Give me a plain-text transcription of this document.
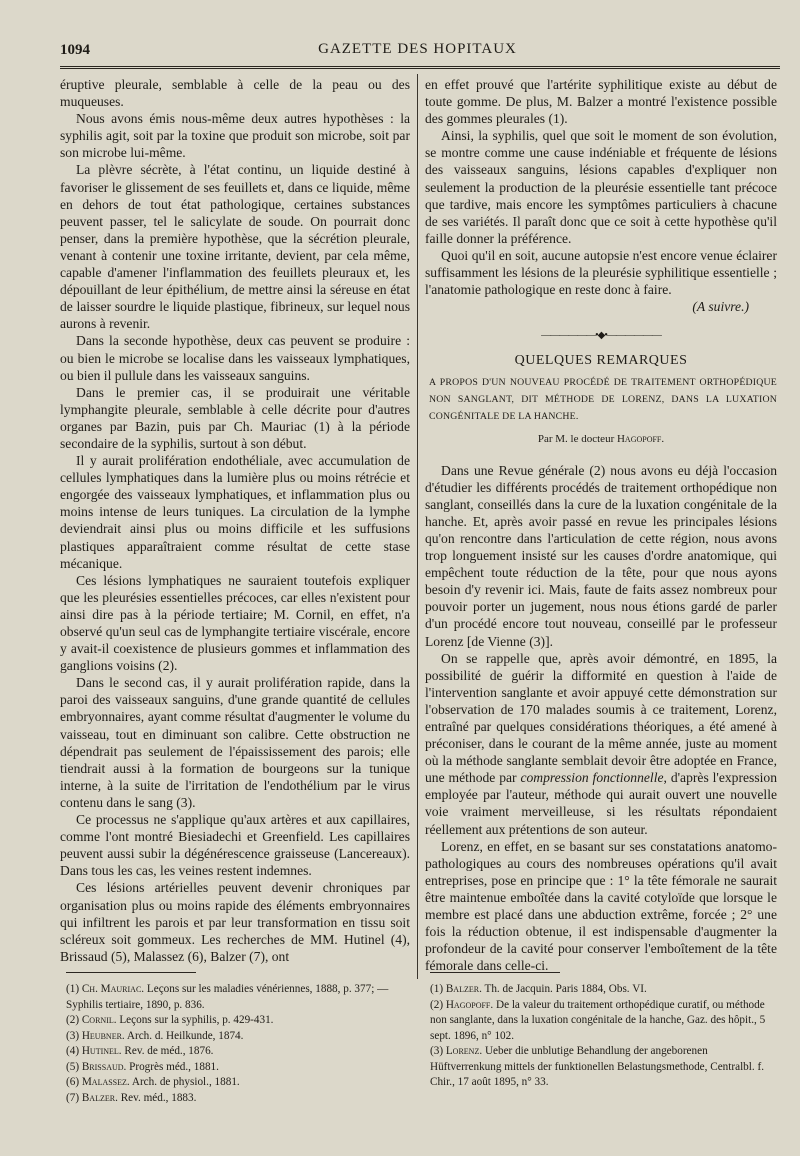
1094	GAZETTE DES HOPITAUX

éruptive pleurale, semblable à celle de la peau ou des muqueuses.

Nous avons émis nous-même deux autres hypothèses : la syphilis agit, soit par la toxine que produit son microbe, soit par son microbe lui-même.

La plèvre sécrète, à l'état continu, un liquide destiné à favoriser le glissement de ses feuillets et, dans ce liquide, même en dehors de tout état pathologique, certaines substances peuvent passer, tel le salicylate de soude. On pourrait donc penser, dans la première hypothèse, que la sécrétion pleurale, venant à contenir une toxine irritante, devient, par cela même, capable d'amener l'inflammation des feuillets pleuraux et, les dépouillant de leur épithélium, de mettre ainsi la séreuse en état de laisser sourdre le liquide plastique, fibrineux, sur lequel nous aurons à revenir.

Dans la seconde hypothèse, deux cas peuvent se produire : ou bien le microbe se localise dans les vaisseaux lymphatiques, ou bien il pullule dans les vaisseaux sanguins.

Dans le premier cas, il se produirait une véritable lymphangite pleurale, semblable à celle décrite pour d'autres organes par Bazin, puis par Ch. Mauriac (1) à la période secondaire de la syphilis, surtout à son début.

Il y aurait prolifération endothéliale, avec accumulation de cellules lymphatiques dans la lumière plus ou moins rétrécie et engorgée des vaisseaux lymphatiques, et inflammation plus ou moins intense de leurs tuniques. La circulation de la lymphe deviendrait ainsi plus ou moins difficile et les suffusions plastiques apparaîtraient comme résultat de cette stase mécanique.

Ces lésions lymphatiques ne sauraient toutefois expliquer que les pleurésies essentielles précoces, car elles n'existent pour ainsi dire pas à la période tertiaire; M. Cornil, en effet, n'a observé qu'un seul cas de lymphangite tertiaire viscérale, encore y avait-il coexistence de plusieurs gommes et inflammation des ganglions voisins (2).

Dans le second cas, il y aurait prolifération rapide, dans la paroi des vaisseaux sanguins, d'une grande quantité de cellules embryonnaires, ayant comme résultat d'augmenter le volume du vaisseau, tout en diminuant son calibre. Cette obstruction ne dépendrait pas seulement de l'épaississement des parois; elle tiendrait aussi à la formation de bourgeons sur la tunique interne, à la suite de l'irritation de l'endothélium par le virus contenu dans le sang (3).

Ce processus ne s'applique qu'aux artères et aux capillaires, comme l'ont montré Biesiadechi et Greenfield. Les capillaires peuvent aussi subir la dégénérescence graisseuse (Lancereaux). Dans tous les cas, les veines restent indemnes.

Ces lésions artérielles peuvent devenir chroniques par organisation plus ou moins rapide des éléments embryonnaires qui infiltrent les parois et par leur transformation en tissu soit scléreux soit gommeux. Les recherches de MM. Hutinel (4), Brissaud (5), Malassez (6), Balzer (7), ont

en effet prouvé que l'artérite syphilitique existe au début de toute gomme. De plus, M. Balzer a montré l'existence possible des gommes pleurales (1).

Ainsi, la syphilis, quel que soit le moment de son évolution, se montre comme une cause indéniable et fréquente de lésions des vaisseaux sanguins, lésions capables d'expliquer non seulement la production de la pleurésie essentielle tant précoce que tardive, mais encore les symptômes particuliers à chacune de ses variétés. Il paraît donc que ce soit à cette hypothèse qu'il faille donner la préférence.

Quoi qu'il en soit, aucune autopsie n'est encore venue éclairer suffisamment les lésions de la pleurésie syphilitique essentielle ; l'anatomie pathologique en reste donc à faire.

(A suivre.)

——————•◆•——————
QUELQUES REMARQUES
A PROPOS D'UN NOUVEAU PROCÉDÉ DE TRAITEMENT ORTHOPÉDIQUE NON SANGLANT, DIT MÉTHODE DE LORENZ, DANS LA LUXATION CONGÉNITALE DE LA HANCHE.
Par M. le docteur Hagopoff.

Dans une Revue générale (2) nous avons eu déjà l'occasion d'étudier les différents procédés de traitement orthopédique non sanglant, conseillés dans la cure de la luxation congénitale de la hanche. Et, après avoir passé en revue les principales lésions qu'on rencontre dans l'articulation de cette région, nous avons trop longuement insisté sur les causes d'ordre anatomique, qui empêchent toute réduction de la tête, pour que nous ayons besoin d'y revenir ici. Mais, faute de faits assez nombreux pour pouvoir porter un jugement, nous nous étions gardé de parler d'un procédé encore tout nouveau, conseillé par le professeur Lorenz [de Vienne (3)].

On se rappelle que, après avoir démontré, en 1895, la possibilité de guérir la difformité en question à l'aide de l'intervention sanglante et avoir appuyé cette démonstration sur l'observation de 170 malades soumis à ce traitement, Lorenz, entraîné par quelques considérations théoriques, a été amené à préconiser, dans le courant de la même année, juste au moment où la méthode sanglante semblait devoir être adoptée en France, une méthode par compression fonctionnelle, d'après l'expression employée par l'auteur, méthode qui aurait ouvert une nouvelle voie vraiment merveilleuse, si les résultats répondaient réellement aux prétentions de son auteur.

Lorenz, en effet, en se basant sur ses constatations anatomo-pathologiques au cours des nombreuses opérations qu'il avait entreprises, pose en principe que : 1° la tête fémorale ne saurait être maintenue emboîtée dans la cavité cotyloïde que lorsque le membre est placé dans une abduction extrême, forcée ; 2° une fois la réduction obtenue, il est indispensable d'augmenter la profondeur de la cavité pour conserver l'emboîtement de la tête fémorale dans celle-ci.

(1) Ch. Mauriac. Leçons sur les maladies vénériennes, 1888, p. 377; — Syphilis tertiaire, 1890, p. 836.
(2) Cornil. Leçons sur la syphilis, p. 429-431.
(3) Heubner. Arch. d. Heilkunde, 1874.
(4) Hutinel. Rev. de méd., 1876.
(5) Brissaud. Progrès méd., 1881.
(6) Malassez. Arch. de physiol., 1881.
(7) Balzer. Rev. méd., 1883.
(1) Balzer. Th. de Jacquin. Paris 1884, Obs. VI.
(2) Hagopoff. De la valeur du traitement orthopédique curatif, ou méthode non sanglante, dans la luxation congénitale de la hanche, Gaz. des hôpit., 5 sept. 1896, n° 102.
(3) Lorenz. Ueber die unblutige Behandlung der angeborenen Hüftverrenkung mittels der funktionellen Belastungsmethode, Centralbl. f. Chir., 17 août 1895, n° 33.
